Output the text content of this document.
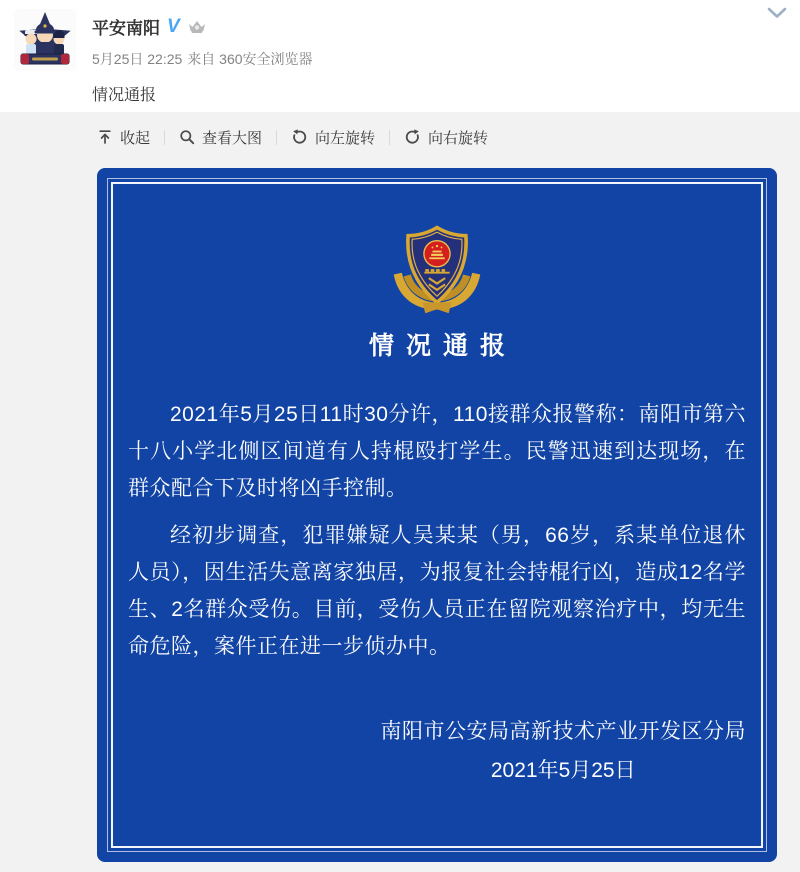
平安南阳 V
5月25日 22:25 来自 360安全浏览器
情况通报
收起	查看大图	向左旋转	向右旋转
情况通报

2021年5月25日11时30分许，110接群众报警称：南阳市第六十八小学北侧区间道有人持棍殴打学生。民警迅速到达现场，在群众配合下及时将凶手控制。

经初步调查，犯罪嫌疑人吴某某（男，66岁，系某单位退休人员），因生活失意离家独居，为报复社会持棍行凶，造成12名学生、2名群众受伤。目前，受伤人员正在留院观察治疗中，均无生命危险，案件正在进一步侦办中。

南阳市公安局高新技术产业开发区分局
2021年5月25日
